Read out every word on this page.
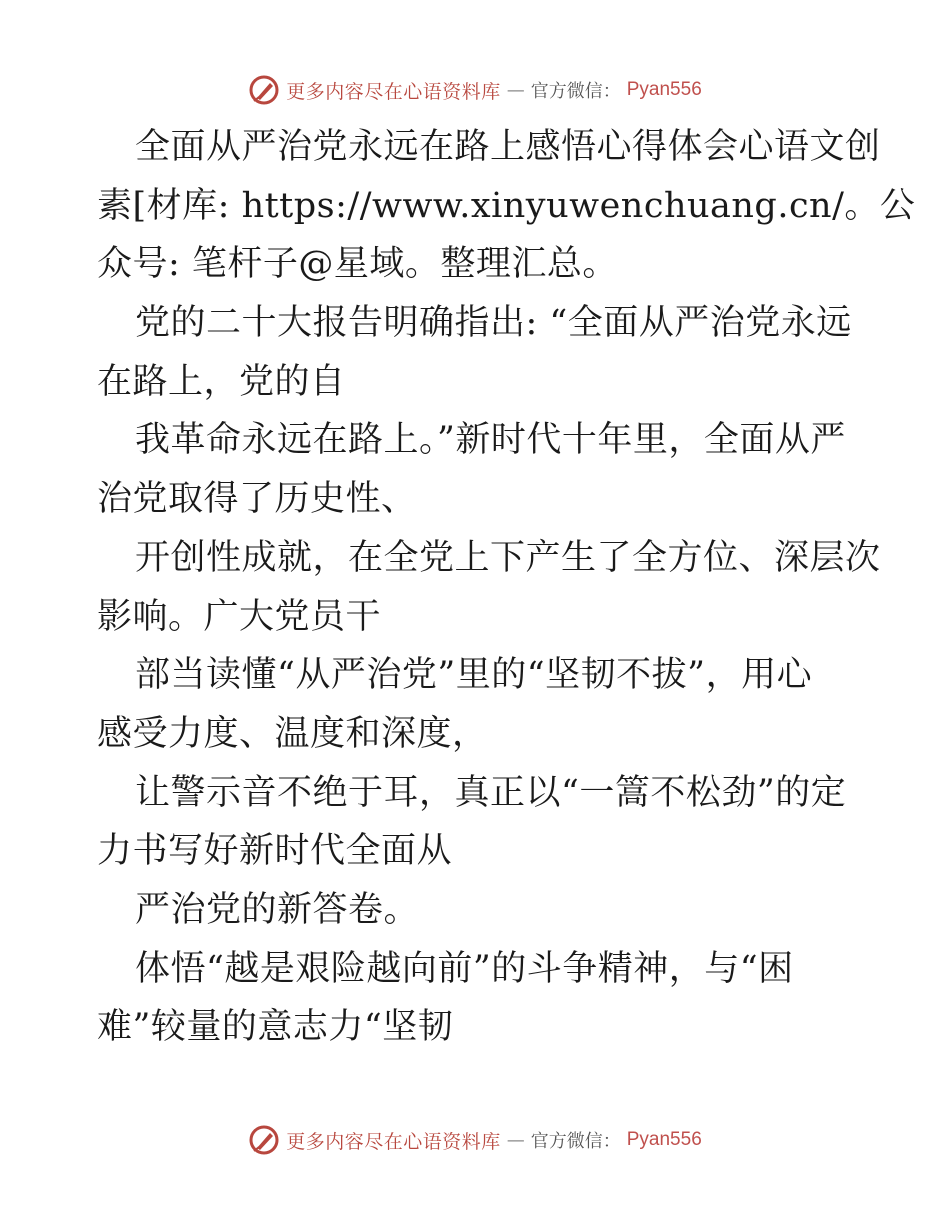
更多内容尽在心语资料库 — 官方微信： Pyan556
全面从严治党永远在路上感悟心得体会心语文创
素[材库: https://www.xinyuwenchuang.cn/。公
众号: 笔杆子@星域。整理汇总。
党的二十大报告明确指出: “全面从严治党永远
在路上，党的自
我革命永远在路上。”新时代十年里，全面从严
治党取得了历史性、
开创性成就，在全党上下产生了全方位、深层次
影响。广大党员干
部当读懂“从严治党”里的“坚韧不拔”，用心
感受力度、温度和深度，
让警示音不绝于耳，真正以“一篙不松劲”的定
力书写好新时代全面从
严治党的新答卷。
体悟“越是艰险越向前”的斗争精神，与“困
难”较量的意志力“坚韧
更多内容尽在心语资料库 — 官方微信： Pyan556
